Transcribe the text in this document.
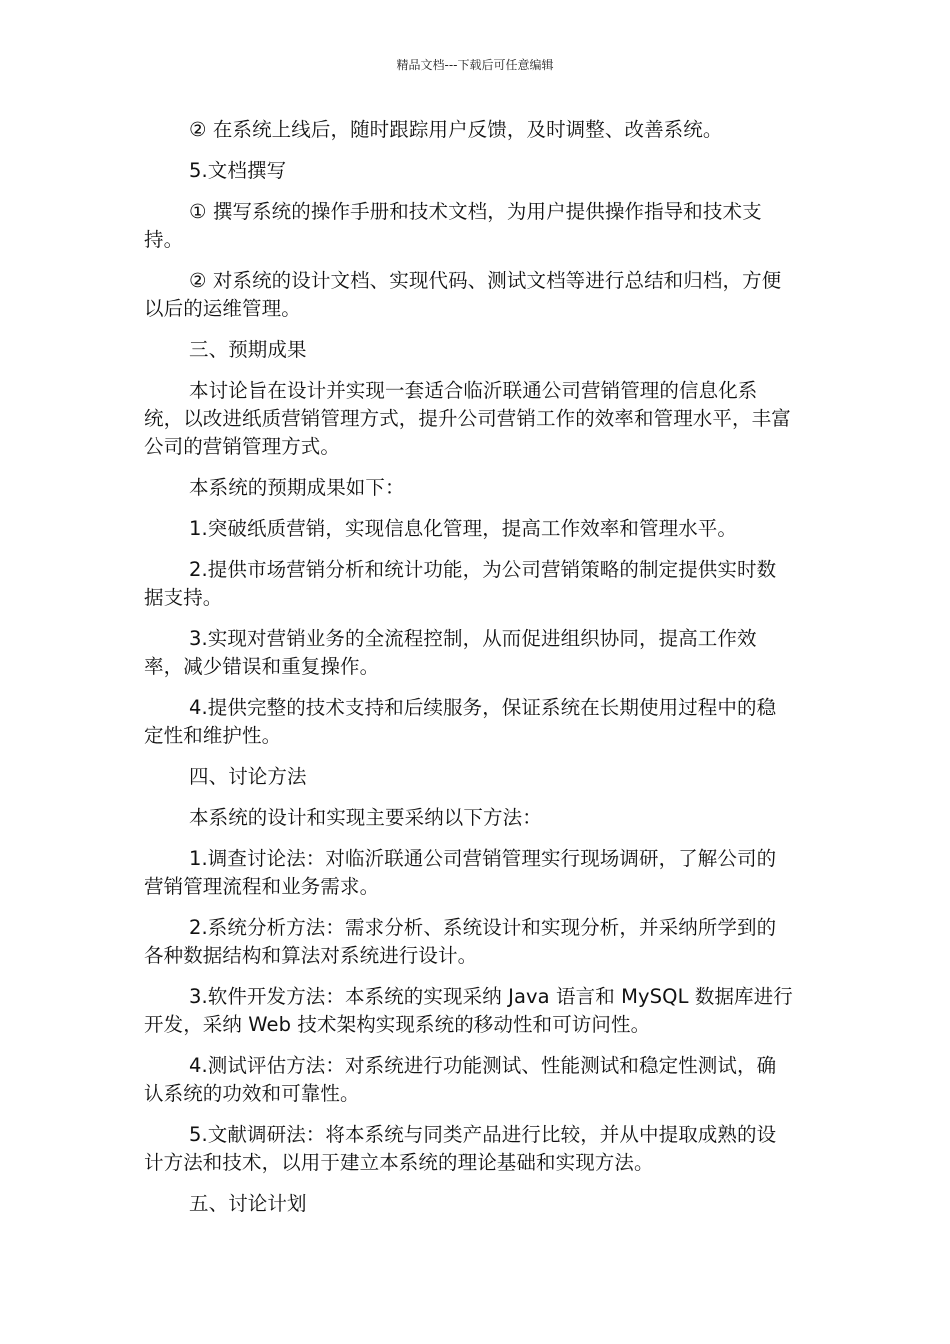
精品文档---下载后可任意编辑

② 在系统上线后，随时跟踪用户反馈，及时调整、改善系统。

5.文档撰写

① 撰写系统的操作手册和技术文档，为用户提供操作指导和技术支持。

② 对系统的设计文档、实现代码、测试文档等进行总结和归档，方便以后的运维管理。

三、预期成果

本讨论旨在设计并实现一套适合临沂联通公司营销管理的信息化系统，以改进纸质营销管理方式，提升公司营销工作的效率和管理水平，丰富公司的营销管理方式。

本系统的预期成果如下：

1.突破纸质营销，实现信息化管理，提高工作效率和管理水平。

2.提供市场营销分析和统计功能，为公司营销策略的制定提供实时数据支持。

3.实现对营销业务的全流程控制，从而促进组织协同，提高工作效率，减少错误和重复操作。

4.提供完整的技术支持和后续服务，保证系统在长期使用过程中的稳定性和维护性。

四、讨论方法

本系统的设计和实现主要采纳以下方法：

1.调查讨论法：对临沂联通公司营销管理实行现场调研，了解公司的营销管理流程和业务需求。

2.系统分析方法：需求分析、系统设计和实现分析，并采纳所学到的各种数据结构和算法对系统进行设计。

3.软件开发方法：本系统的实现采纳 Java 语言和 MySQL 数据库进行开发，采纳 Web 技术架构实现系统的移动性和可访问性。

4.测试评估方法：对系统进行功能测试、性能测试和稳定性测试，确认系统的功效和可靠性。

5.文献调研法：将本系统与同类产品进行比较，并从中提取成熟的设计方法和技术，以用于建立本系统的理论基础和实现方法。

五、讨论计划
